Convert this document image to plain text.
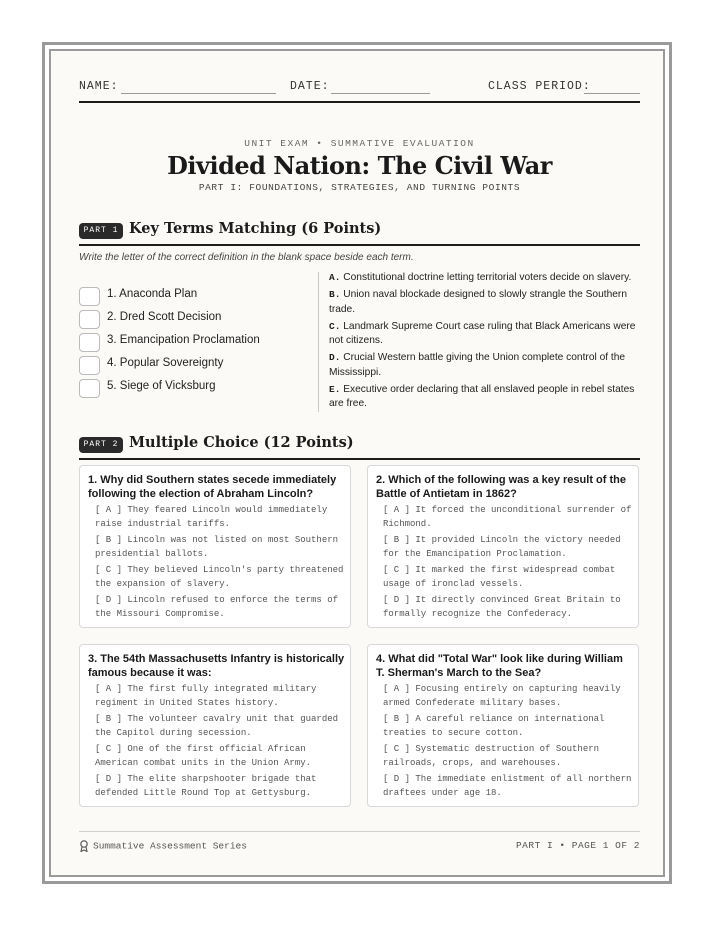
NAME:	DATE:	CLASS PERIOD:
UNIT EXAM • SUMMATIVE EVALUATION
Divided Nation: The Civil War
PART I: FOUNDATIONS, STRATEGIES, AND TURNING POINTS
PART 1 Key Terms Matching (6 Points)
Write the letter of the correct definition in the blank space beside each term.
1. Anaconda Plan
2. Dred Scott Decision
3. Emancipation Proclamation
4. Popular Sovereignty
5. Siege of Vicksburg
A. Constitutional doctrine letting territorial voters decide on slavery.
B. Union naval blockade designed to slowly strangle the Southern trade.
C. Landmark Supreme Court case ruling that Black Americans were not citizens.
D. Crucial Western battle giving the Union complete control of the Mississippi.
E. Executive order declaring that all enslaved people in rebel states are free.
PART 2 Multiple Choice (12 Points)
1. Why did Southern states secede immediately following the election of Abraham Lincoln?
[ A ] They feared Lincoln would immediately raise industrial tariffs.
[ B ] Lincoln was not listed on most Southern presidential ballots.
[ C ] They believed Lincoln's party threatened the expansion of slavery.
[ D ] Lincoln refused to enforce the terms of the Missouri Compromise.
2. Which of the following was a key result of the Battle of Antietam in 1862?
[ A ] It forced the unconditional surrender of Richmond.
[ B ] It provided Lincoln the victory needed for the Emancipation Proclamation.
[ C ] It marked the first widespread combat usage of ironclad vessels.
[ D ] It directly convinced Great Britain to formally recognize the Confederacy.
3. The 54th Massachusetts Infantry is historically famous because it was:
[ A ] The first fully integrated military regiment in United States history.
[ B ] The volunteer cavalry unit that guarded the Capitol during secession.
[ C ] One of the first official African American combat units in the Union Army.
[ D ] The elite sharpshooter brigade that defended Little Round Top at Gettysburg.
4. What did "Total War" look like during William T. Sherman's March to the Sea?
[ A ] Focusing entirely on capturing heavily armed Confederate military bases.
[ B ] A careful reliance on international treaties to secure cotton.
[ C ] Systematic destruction of Southern railroads, crops, and warehouses.
[ D ] The immediate enlistment of all northern draftees under age 18.
Summative Assessment Series	PART I • PAGE 1 OF 2
